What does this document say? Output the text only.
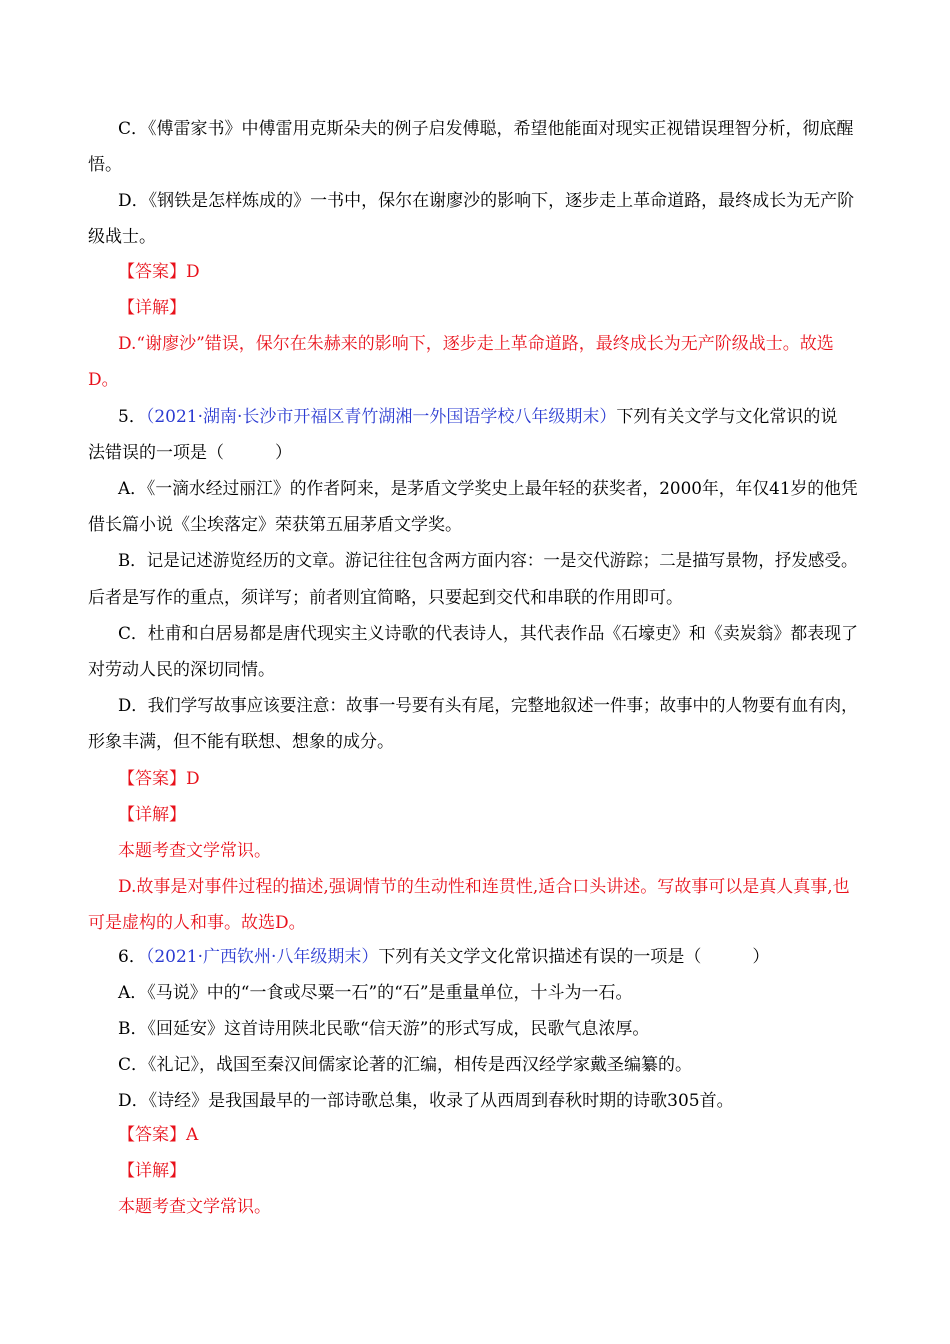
C．《傅雷家书》中傅雷用克斯朵夫的例子启发傅聪，希望他能面对现实正视错误理智分析，彻底醒
悟。
D．《钢铁是怎样炼成的》一书中，保尔在谢廖沙的影响下，逐步走上革命道路，最终成长为无产阶
级战士。
【答案】D
【详解】
D.“谢廖沙”错误，保尔在朱赫来的影响下，逐步走上革命道路，最终成长为无产阶级战士。故选
D。
5．（2021·湖南·长沙市开福区青竹湖湘一外国语学校八年级期末）下列有关文学与文化常识的说
法错误的一项是（　　　）
A．《一滴水经过丽江》的作者阿来，是茅盾文学奖史上最年轻的获奖者，2000年，年仅41岁的他凭
借长篇小说《尘埃落定》荣获第五届茅盾文学奖。
B．记是记述游览经历的文章。游记往往包含两方面内容：一是交代游踪；二是描写景物，抒发感受。
后者是写作的重点，须详写；前者则宜简略，只要起到交代和串联的作用即可。
C．杜甫和白居易都是唐代现实主义诗歌的代表诗人，其代表作品《石壕吏》和《卖炭翁》都表现了
对劳动人民的深切同情。
D．我们学写故事应该要注意：故事一号要有头有尾，完整地叙述一件事；故事中的人物要有血有肉，
形象丰满，但不能有联想、想象的成分。
【答案】D
【详解】
本题考查文学常识。
D.故事是对事件过程的描述,强调情节的生动性和连贯性,适合口头讲述。写故事可以是真人真事,也
可是虚构的人和事。故选D。
6．（2021·广西钦州·八年级期末）下列有关文学文化常识描述有误的一项是（　　　）
A．《马说》中的“一食或尽粟一石”的“石”是重量单位，十斗为一石。
B．《回延安》这首诗用陕北民歌“信天游”的形式写成，民歌气息浓厚。
C．《礼记》，战国至秦汉间儒家论著的汇编，相传是西汉经学家戴圣编纂的。
D．《诗经》是我国最早的一部诗歌总集，收录了从西周到春秋时期的诗歌305首。
【答案】A
【详解】
本题考查文学常识。
